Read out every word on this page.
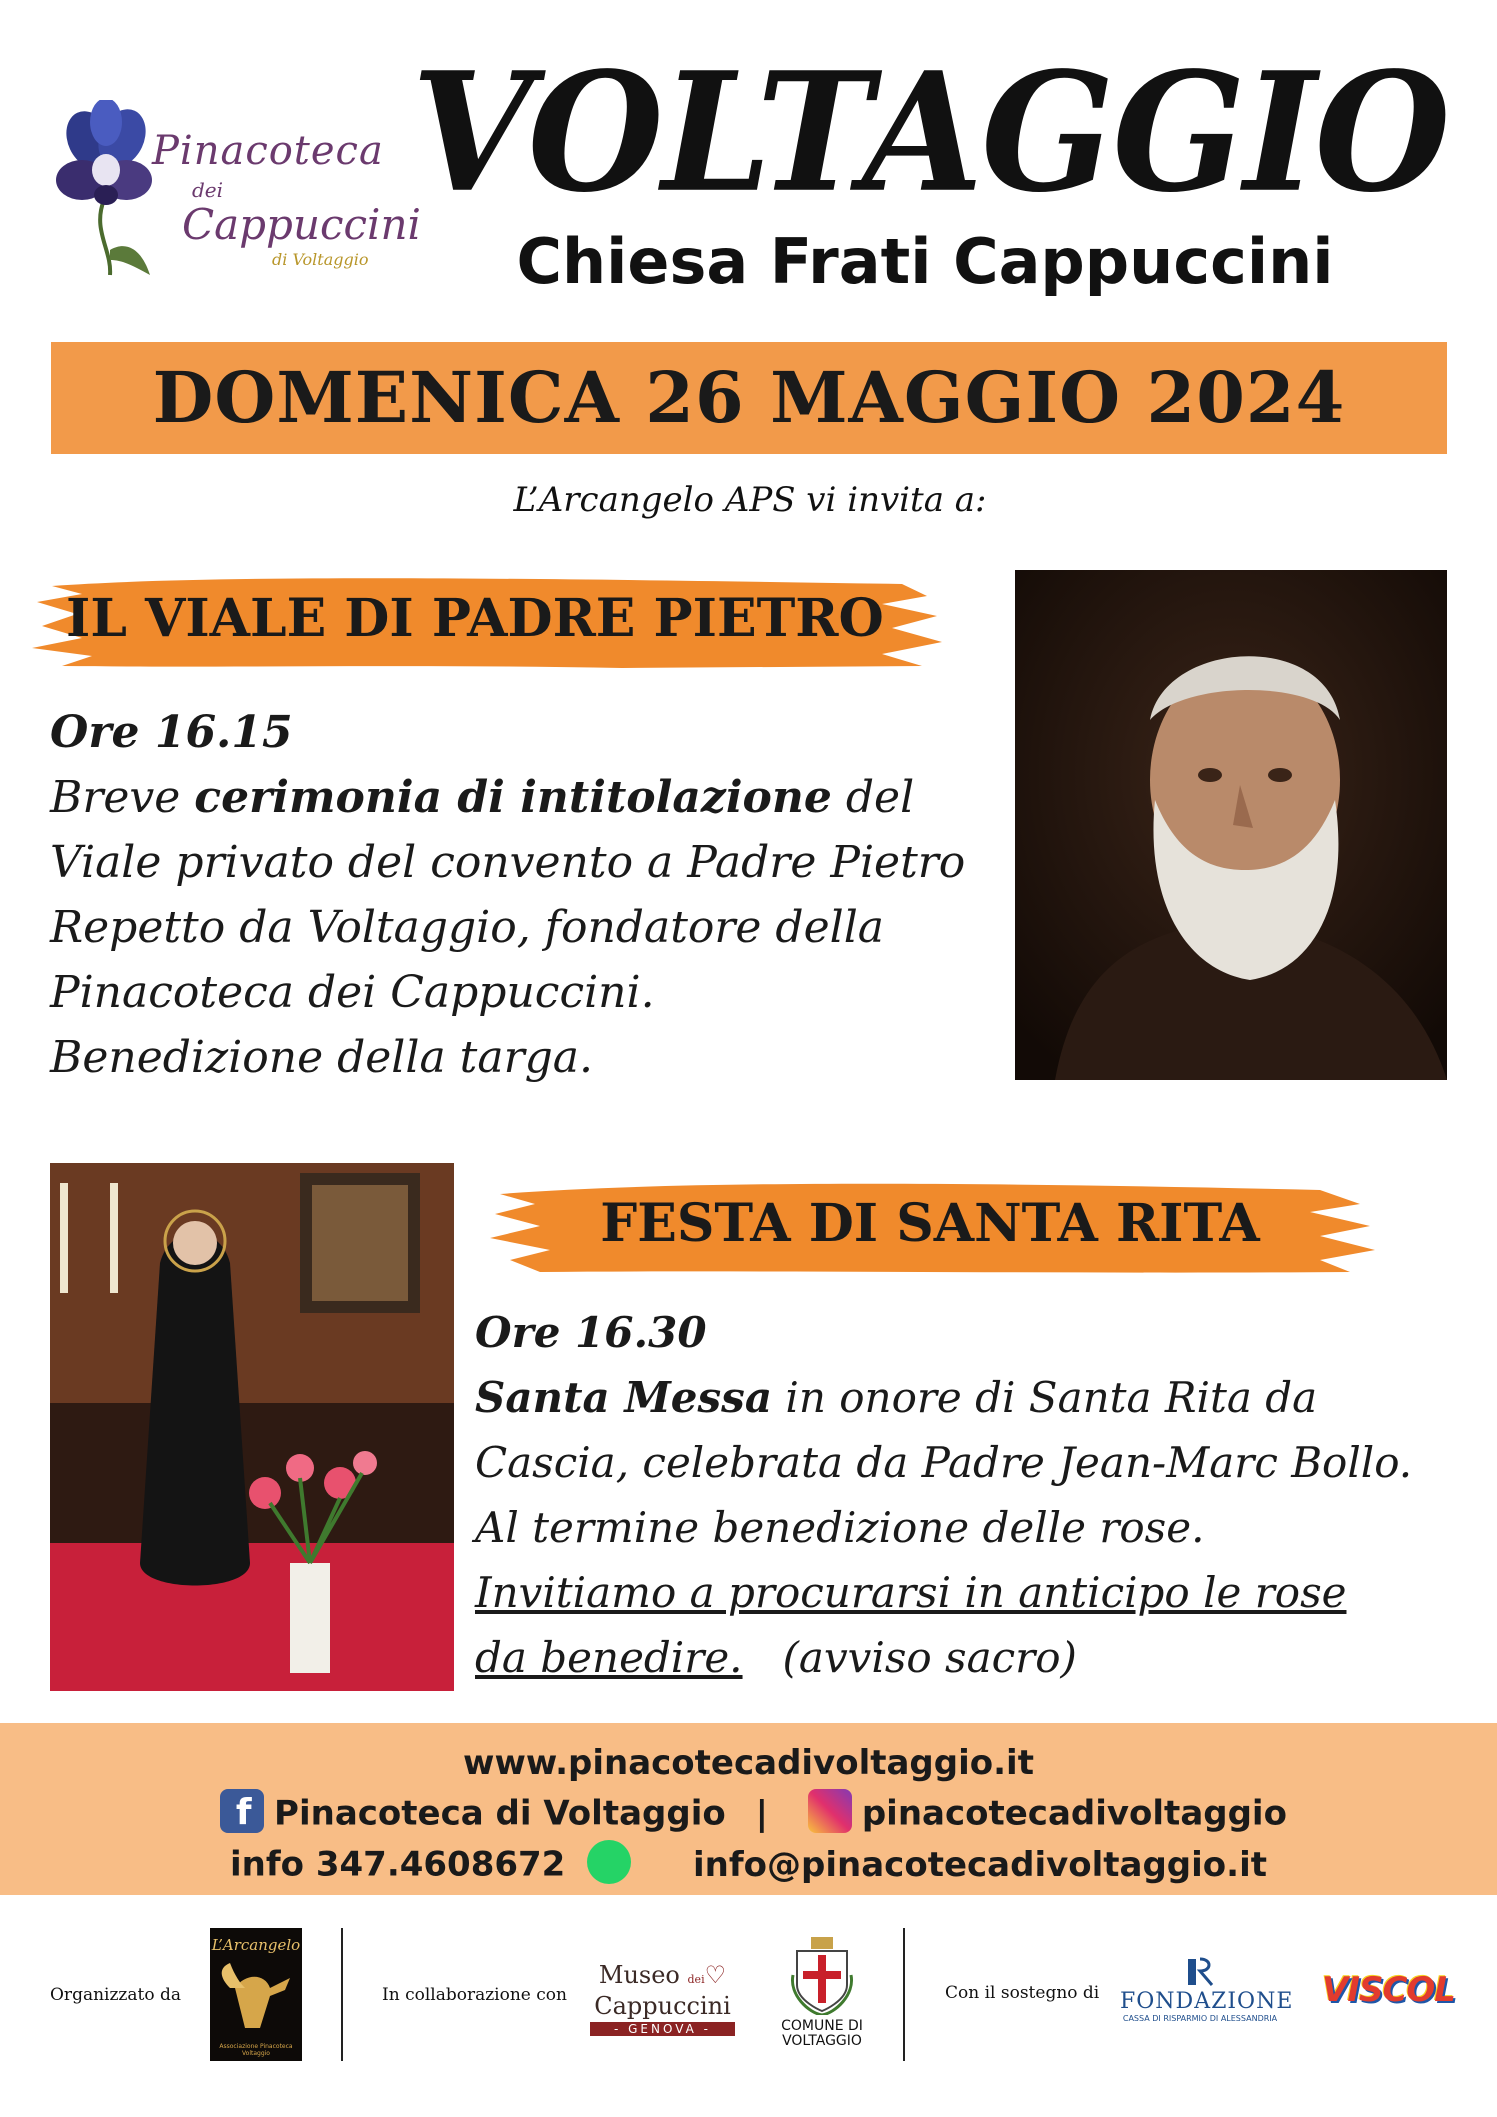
Pinacoteca
dei
Cappuccini
di Voltaggio
VOLTAGGIO
Chiesa Frati Cappuccini
DOMENICA 26 MAGGIO 2024
L’Arcangelo APS vi invita a:
IL VIALE DI PADRE PIETRO
Ore 16.15
Breve cerimonia di intitolazione del
Viale privato del convento a Padre Pietro
Repetto da Voltaggio, fondatore della
Pinacoteca dei Cappuccini.
Benedizione della targa.
FESTA DI SANTA RITA
Ore 16.30
Santa Messa in onore di Santa Rita da
Cascia, celebrata da Padre Jean-Marc Bollo.
Al termine benedizione delle rose.
Invitiamo a procurarsi in anticipo le rose
da benedire. (avviso sacro)
www.pinacotecadivoltaggio.it
f Pinacoteca di Voltaggio |	pinacotecadivoltaggio
info 347.4608672	info@pinacotecadivoltaggio.it
Organizzato da
L’Arcangelo
Associazione Pinacoteca Voltaggio
In collaborazione con
Museo dei♡
Cappuccini
- GENOVA -	COMUNE DI
VOLTAGGIO
Con il sostegno di FONDAZIONE
CASSA DI RISPARMIO DI ALESSANDRIA
VISCOL
